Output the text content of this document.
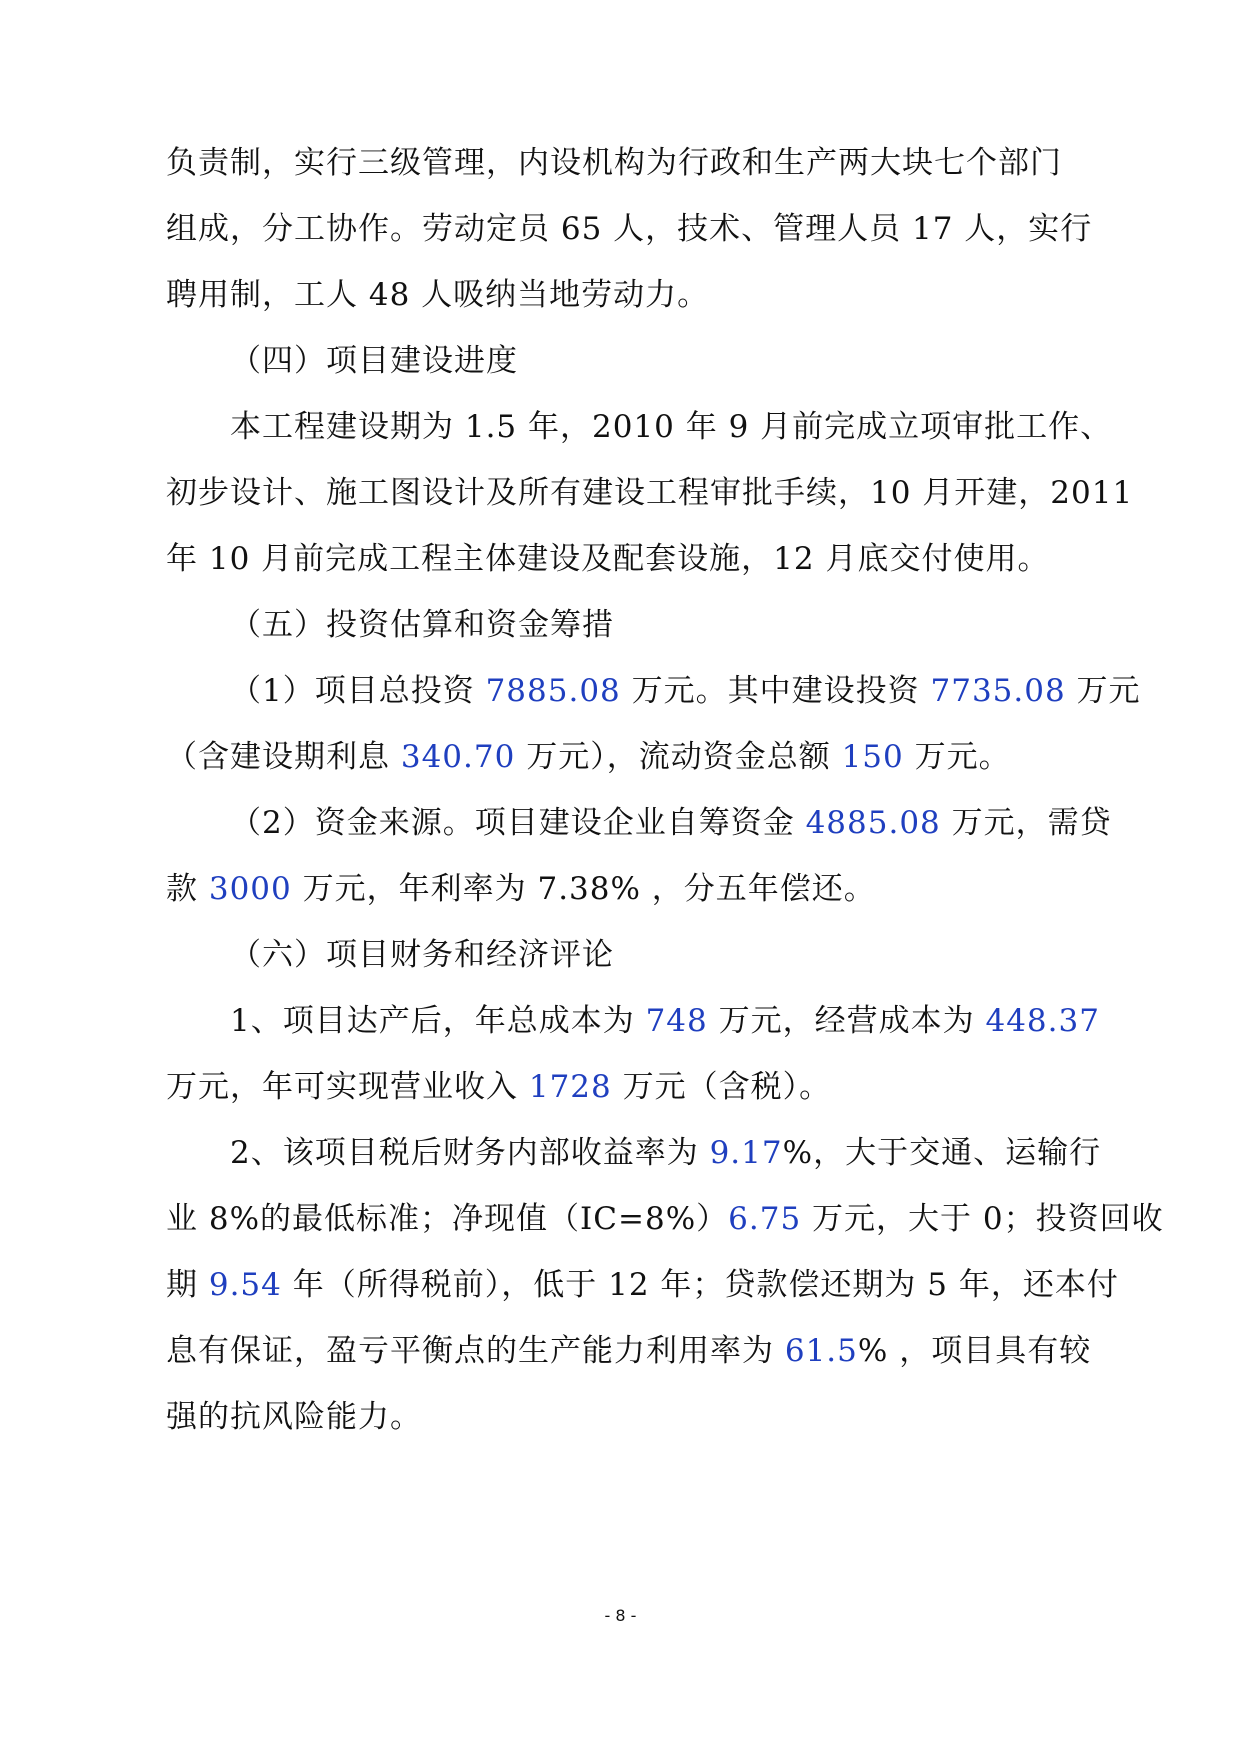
负责制，实行三级管理，内设机构为行政和生产两大块七个部门
组成，分工协作。劳动定员 65 人，技术、管理人员 17 人，实行
聘用制，工人 48 人吸纳当地劳动力。
（四）项目建设进度
本工程建设期为 1.5 年，2010 年 9 月前完成立项审批工作、
初步设计、施工图设计及所有建设工程审批手续，10 月开建，2011
年 10 月前完成工程主体建设及配套设施，12 月底交付使用。
（五）投资估算和资金筹措
（1）项目总投资 7885.08 万元。其中建设投资 7735.08 万元
（含建设期利息 340.70 万元），流动资金总额 150 万元。
（2）资金来源。项目建设企业自筹资金 4885.08 万元，需贷
款 3000 万元，年利率为 7.38% ，分五年偿还。
（六）项目财务和经济评论
1、项目达产后，年总成本为 748 万元，经营成本为 448.37
万元，年可实现营业收入 1728 万元（含税）。
2、该项目税后财务内部收益率为 9.17%，大于交通、运输行
业 8%的最低标准；净现值（IC=8%）6.75 万元，大于 0；投资回收
期 9.54 年（所得税前），低于 12 年；贷款偿还期为 5 年，还本付
息有保证，盈亏平衡点的生产能力利用率为 61.5% ，项目具有较
强的抗风险能力。
- 8 -
